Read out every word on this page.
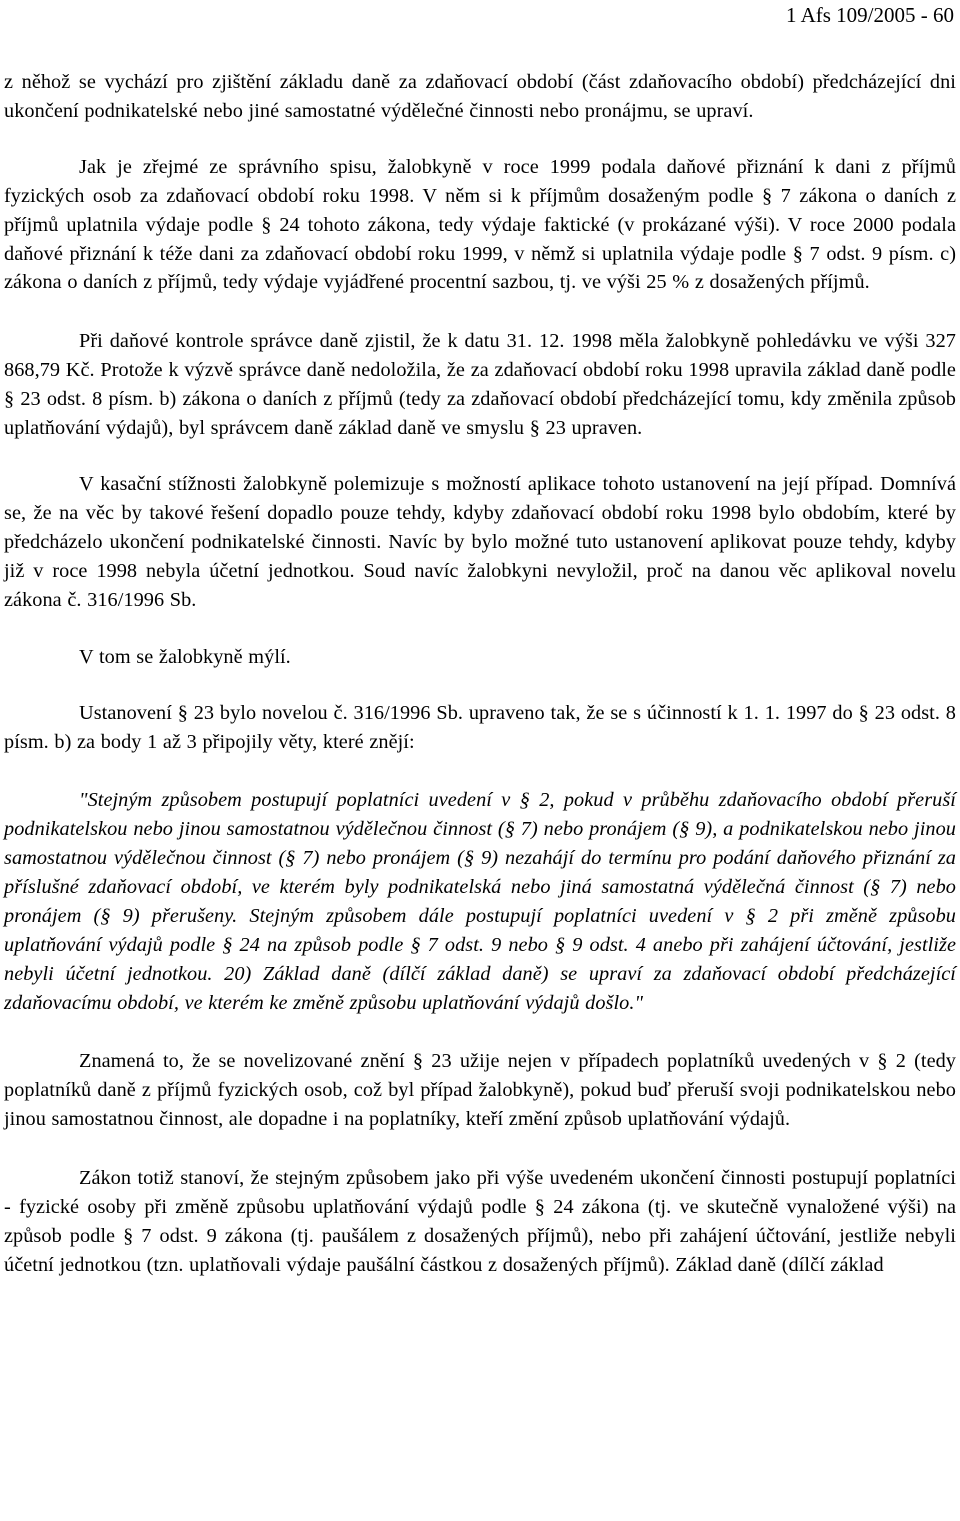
1 Afs 109/2005 - 60

z něhož se vychází pro zjištění základu daně za zdaňovací období (část zdaňovacího období) předcházející dni ukončení podnikatelské nebo jiné samostatné výdělečné činnosti nebo pronájmu, se upraví.

Jak je zřejmé ze správního spisu, žalobkyně v roce 1999 podala daňové přiznání k dani z příjmů fyzických osob za zdaňovací období roku 1998. V něm si k příjmům dosaženým podle § 7 zákona o daních z příjmů uplatnila výdaje podle § 24 tohoto zákona, tedy výdaje faktické (v prokázané výši). V roce 2000 podala daňové přiznání k téže dani za zdaňovací období roku 1999, v němž si uplatnila výdaje podle § 7 odst. 9 písm. c) zákona o daních z příjmů, tedy výdaje vyjádřené procentní sazbou, tj. ve výši 25 % z dosažených příjmů.

Při daňové kontrole správce daně zjistil, že k datu 31. 12. 1998 měla žalobkyně pohledávku ve výši 327 868,79 Kč. Protože k výzvě správce daně nedoložila, že za zdaňovací období roku 1998 upravila základ daně podle § 23 odst. 8 písm. b) zákona o daních z příjmů (tedy za zdaňovací období předcházející tomu, kdy změnila způsob uplatňování výdajů), byl správcem daně základ daně ve smyslu § 23 upraven.

V kasační stížnosti žalobkyně polemizuje s možností aplikace tohoto ustanovení na její případ. Domnívá se, že na věc by takové řešení dopadlo pouze tehdy, kdyby zdaňovací období roku 1998 bylo obdobím, které by předcházelo ukončení podnikatelské činnosti. Navíc by bylo možné tuto ustanovení aplikovat pouze tehdy, kdyby již v roce 1998 nebyla účetní jednotkou. Soud navíc žalobkyni nevyložil, proč na danou věc aplikoval novelu zákona č. 316/1996 Sb.

V tom se žalobkyně mýlí.

Ustanovení § 23 bylo novelou č. 316/1996 Sb. upraveno tak, že se s účinností k 1. 1. 1997 do § 23 odst. 8 písm. b) za body 1 až 3 připojily věty, které znějí:

"Stejným způsobem postupují poplatníci uvedení v § 2, pokud v průběhu zdaňovacího období přeruší podnikatelskou nebo jinou samostatnou výdělečnou činnost (§ 7) nebo pronájem (§ 9), a podnikatelskou nebo jinou samostatnou výdělečnou činnost (§ 7) nebo pronájem (§ 9) nezahájí do termínu pro podání daňového přiznání za příslušné zdaňovací období, ve kterém byly podnikatelská nebo jiná samostatná výdělečná činnost (§ 7) nebo pronájem (§ 9) přerušeny. Stejným způsobem dále postupují poplatníci uvedení v § 2 při změně způsobu uplatňování výdajů podle § 24 na způsob podle § 7 odst. 9 nebo § 9 odst. 4 anebo při zahájení účtování, jestliže nebyli účetní jednotkou. 20) Základ daně (dílčí základ daně) se upraví za zdaňovací období předcházející zdaňovacímu období, ve kterém ke změně způsobu uplatňování výdajů došlo."

Znamená to, že se novelizované znění § 23 užije nejen v případech poplatníků uvedených v § 2 (tedy poplatníků daně z příjmů fyzických osob, což byl případ žalobkyně), pokud buď přeruší svoji podnikatelskou nebo jinou samostatnou činnost, ale dopadne i na poplatníky, kteří změní způsob uplatňování výdajů.

Zákon totiž stanoví, že stejným způsobem jako při výše uvedeném ukončení činnosti postupují poplatníci - fyzické osoby při změně způsobu uplatňování výdajů podle § 24 zákona (tj. ve skutečně vynaložené výši) na způsob podle § 7 odst. 9 zákona (tj. paušálem z dosažených příjmů), nebo při zahájení účtování, jestliže nebyli účetní jednotkou (tzn. uplatňovali výdaje paušální částkou z dosažených příjmů). Základ daně (dílčí základ
